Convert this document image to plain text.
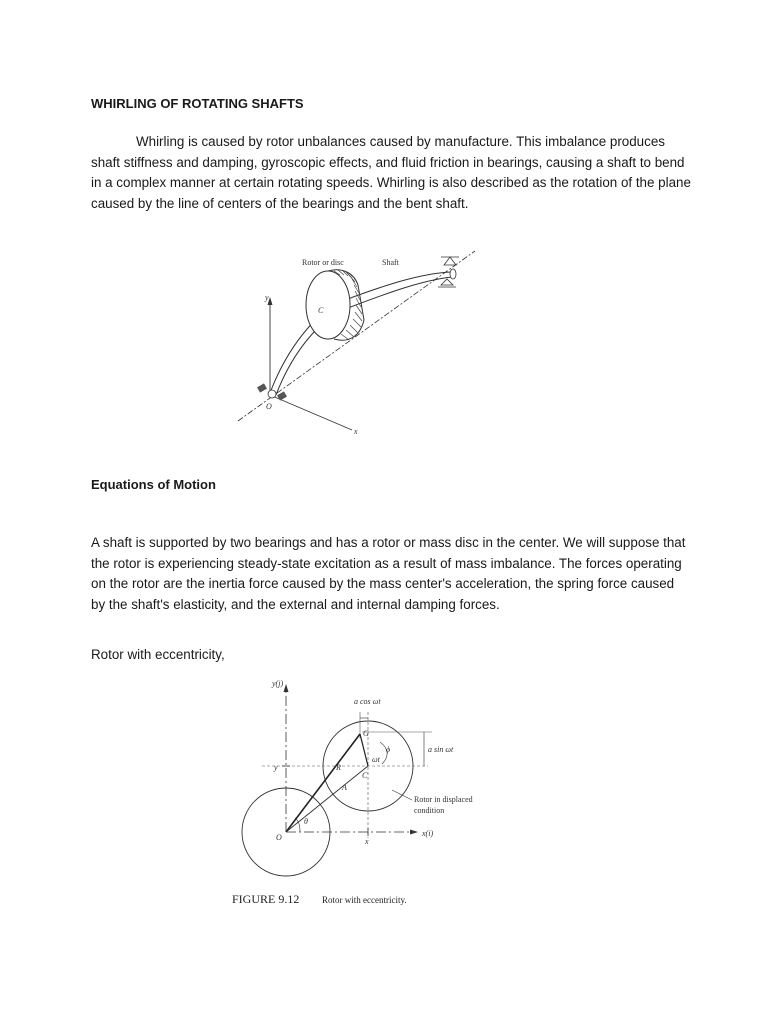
WHIRLING OF ROTATING SHAFTS

Whirling is caused by rotor unbalances caused by manufacture. This imbalance produces shaft stiffness and damping, gyroscopic effects, and fluid friction in bearings, causing a shaft to bend in a complex manner at certain rotating speeds. Whirling is also described as the rotation of the plane caused by the line of centers of the bearings and the bent shaft.

Rotor or disc	Shaft
C
O
y
x
Equations of Motion

A shaft is supported by two bearings and has a rotor or mass disc in the center. We will suppose that the rotor is experiencing steady-state excitation as a result of mass imbalance. The forces operating on the rotor are the inertia force caused by the mass center's acceleration, the spring force caused by the shaft's elasticity, and the external and internal damping forces.

Rotor with eccentricity,

y(j)
a cos ωt
a sin ωt
G
C
R
A
O
θ
ϕ
ωt
y
x
x(i)
Rotor in displaced
condition
FIGURE 9.12	Rotor with eccentricity.
